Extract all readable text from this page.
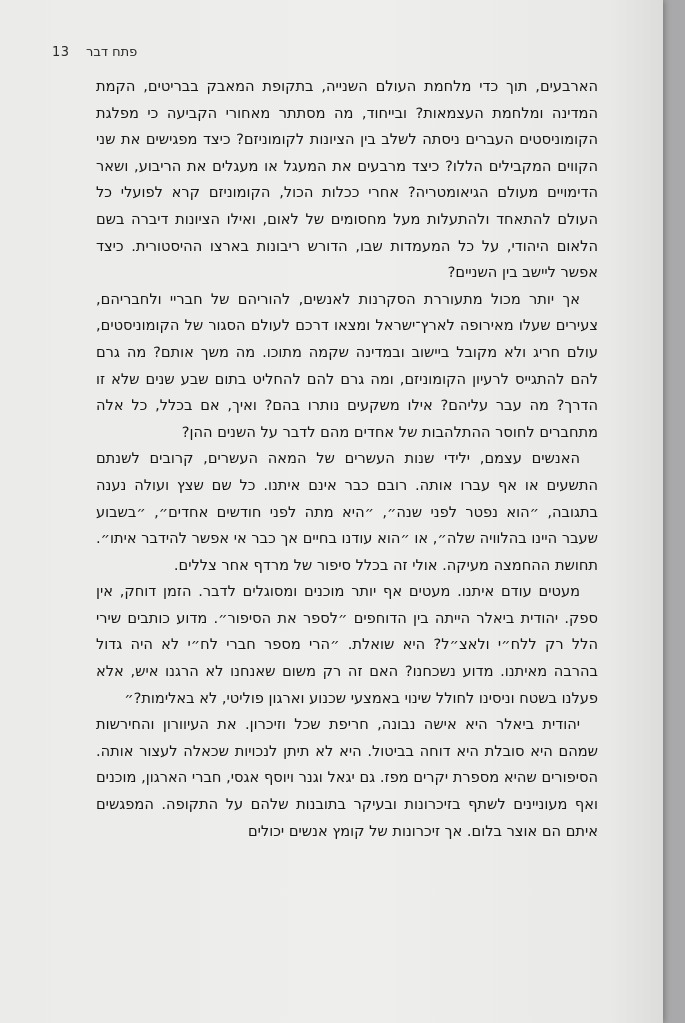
13 פתח דבר

הארבעים, תוך כדי מלחמת העולם השנייה, בתקופת המאבק בבריטים, הקמת המדינה ומלחמת העצמאות? ובייחוד, מה מסתתר מאחורי הקביעה כי מפלגת הקומוניסטים העברים ניסתה לשלב בין הציונות לקומוניזם? כיצד מפגישים את שני הקווים המקבילים הללו? כיצד מרבעים את המעגל או מעגלים את הריבוע, ושאר הדימויים מעולם הגיאומטריה? אחרי ככלות הכול, הקומוניזם קרא לפועלי כל העולם להתאחד ולהתעלות מעל מחסומים של לאום, ואילו הציונות דיברה בשם הלאום היהודי, על כל המעמדות שבו, הדורש ריבונות בארצו ההיסטורית. כיצד אפשר ליישב בין השניים?

אך יותר מכול מתעוררת הסקרנות לאנשים, להוריהם של חבריי ולחבריהם, צעירים שעלו מאירופה לארץ־ישראל ומצאו דרכם לעולם הסגור של הקומוניסטים, עולם חריג ולא מקובל ביישוב ובמדינה שקמה מתוכו. מה משך אותם? מה גרם להם להתגייס לרעיון הקומוניזם, ומה גרם להם להחליט בתום שבע שנים שלא זו הדרך? מה עבר עליהם? אילו משקעים נותרו בהם? ואיך, אם בכלל, כל אלה מתחברים לחוסר ההתלהבות של אחדים מהם לדבר על השנים ההן?

האנשים עצמם, ילידי שנות העשרים של המאה העשרים, קרובים לשנתם התשעים או אף עברו אותה. רובם כבר אינם איתנו. כל שם שצץ ועולה נענה בתגובה, ״הוא נפטר לפני שנה״, ״היא מתה לפני חודשים אחדים״, ״בשבוע שעבר היינו בהלוויה שלה״, או ״הוא עודנו בחיים אך כבר אי אפשר להידבר איתו״. תחושת ההחמצה מעיקה. אולי זה בכלל סיפור של מרדף אחר צללים.

מעטים עודם איתנו. מעטים אף יותר מוכנים ומסוגלים לדבר. הזמן דוחק, אין ספק. יהודית ביאלר הייתה בין הדוחפים ״לספר את הסיפור״. מדוע כותבים שירי הלל רק ללח״י ולאצ״ל? היא שואלת. ״הרי מספר חברי לח״י לא היה גדול בהרבה מאיתנו. מדוע נשכחנו? האם זה רק משום שאנחנו לא הרגנו איש, אלא פעלנו בשטח וניסינו לחולל שינוי באמצעי שכנוע וארגון פוליטי, לא באלימות?״

יהודית ביאלר היא אישה נבונה, חריפת שכל וזיכרון. את העיוורון והחירשות שמהם היא סובלת היא דוחה בביטול. היא לא תיתן לנכויות שכאלה לעצור אותה. הסיפורים שהיא מספרת יקרים מפז. גם יגאל וגנר ויוסף אגסי, חברי הארגון, מוכנים ואף מעוניינים לשתף בזיכרונות ובעיקר בתובנות שלהם על התקופה. המפגשים איתם הם אוצר בלום. אך זיכרונות של קומץ אנשים יכולים
